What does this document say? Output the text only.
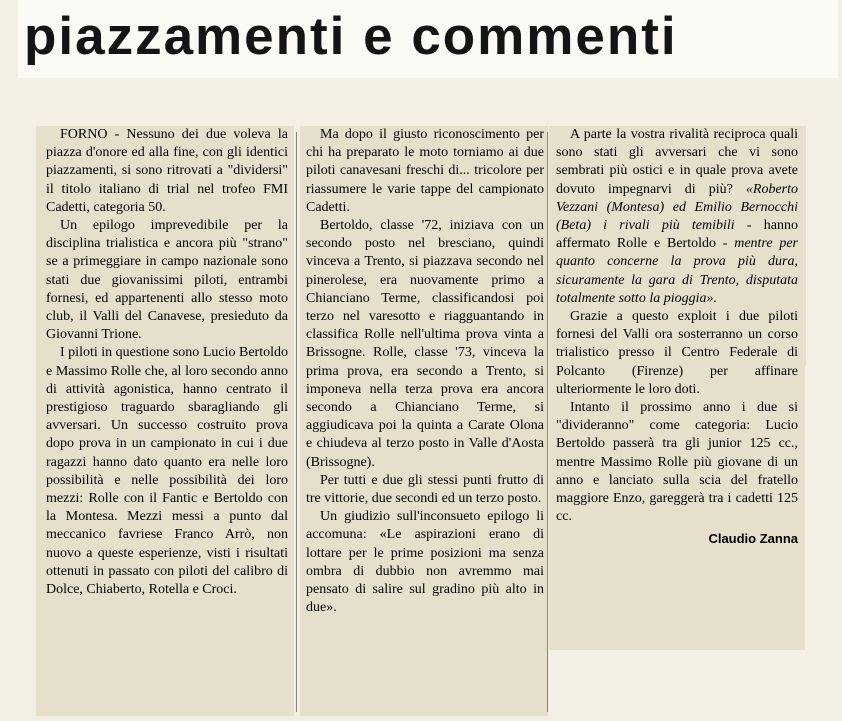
piazzamenti e commenti

FORNO - Nessuno dei due voleva la piazza d'onore ed alla fine, con gli identici piazzamenti, si sono ritrovati a "dividersi" il titolo italiano di trial nel trofeo FMI Cadetti, categoria 50.

Un epilogo imprevedibile per la disciplina trialistica e ancora più "strano" se a primeggiare in campo nazionale sono stati due giovanissimi piloti, entrambi fornesi, ed appartenenti allo stesso moto club, il Valli del Canavese, presieduto da Giovanni Trione.

I piloti in questione sono Lucio Bertoldo e Massimo Rolle che, al loro secondo anno di attività agonistica, hanno centrato il prestigioso traguardo sbaragliando gli avversari. Un successo costruito prova dopo prova in un campionato in cui i due ragazzi hanno dato quanto era nelle loro possibilità e nelle possibilità dei loro mezzi: Rolle con il Fantic e Bertoldo con la Montesa. Mezzi messi a punto dal meccanico favriese Franco Arrò, non nuovo a queste esperienze, visti i risultati ottenuti in passato con piloti del calibro di Dolce, Chiaberto, Rotella e Croci.

Ma dopo il giusto riconoscimento per chi ha preparato le moto torniamo ai due piloti canavesani freschi di... tricolore per riassumere le varie tappe del campionato Cadetti.

Bertoldo, classe '72, iniziava con un secondo posto nel bresciano, quindi vinceva a Trento, si piazzava secondo nel pinerolese, era nuovamente primo a Chianciano Terme, classificandosi poi terzo nel varesotto e riagguantando in classifica Rolle nell'ultima prova vinta a Brissogne. Rolle, classe '73, vinceva la prima prova, era secondo a Trento, si imponeva nella terza prova era ancora secondo a Chianciano Terme, si aggiudicava poi la quinta a Carate Olona e chiudeva al terzo posto in Valle d'Aosta (Brissogne).

Per tutti e due gli stessi punti frutto di tre vittorie, due secondi ed un terzo posto.

Un giudizio sull'inconsueto epilogo li accomuna: «Le aspirazioni erano di lottare per le prime posizioni ma senza ombra di dubbio non avremmo mai pensato di salire sul gradino più alto in due».

A parte la vostra rivalità reciproca quali sono stati gli avversari che vi sono sembrati più ostici e in quale prova avete dovuto impegnarvi di più? «Roberto Vezzani (Montesa) ed Emilio Bernocchi (Beta) i rivali più temibili - hanno affermato Rolle e Bertoldo - mentre per quanto concerne la prova più dura, sicuramente la gara di Trento, disputata totalmente sotto la pioggia».

Grazie a questo exploit i due piloti fornesi del Valli ora sosterranno un corso trialistico presso il Centro Federale di Polcanto (Firenze) per affinare ulteriormente le loro doti.

Intanto il prossimo anno i due si "divideranno" come categoria: Lucio Bertoldo passerà tra gli junior 125 cc., mentre Massimo Rolle più giovane di un anno e lanciato sulla scia del fratello maggiore Enzo, gareggerà tra i cadetti 125 cc.

Claudio Zanna
